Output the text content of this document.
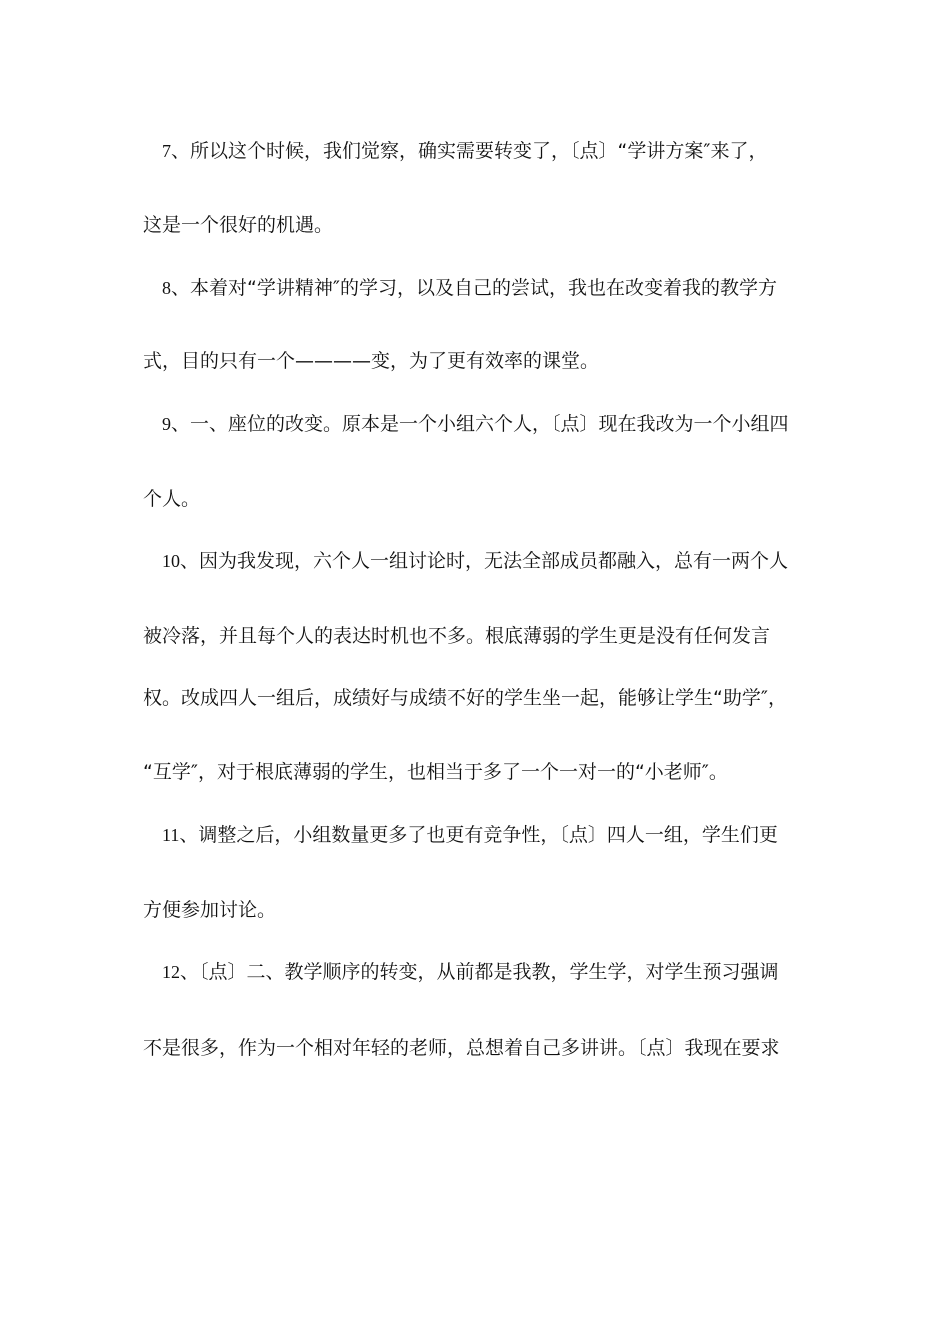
7、所以这个时候，我们觉察，确实需要转变了，〔点〕“学讲方案″来了，
这是一个很好的机遇。
8、本着对“学讲精神″的学习，以及自己的尝试，我也在改变着我的教学方
式，目的只有一个————变，为了更有效率的课堂。
9、一、座位的改变。原本是一个小组六个人，〔点〕现在我改为一个小组四
个人。
10、因为我发现，六个人一组讨论时，无法全部成员都融入，总有一两个人
被冷落，并且每个人的表达时机也不多。根底薄弱的学生更是没有任何发言
权。改成四人一组后，成绩好与成绩不好的学生坐一起，能够让学生“助学″，
“互学″，对于根底薄弱的学生，也相当于多了一个一对一的“小老师″。
11、调整之后，小组数量更多了也更有竞争性，〔点〕四人一组，学生们更
方便参加讨论。
12、〔点〕二、教学顺序的转变，从前都是我教，学生学，对学生预习强调
不是很多，作为一个相对年轻的老师，总想着自己多讲讲。〔点〕我现在要求
